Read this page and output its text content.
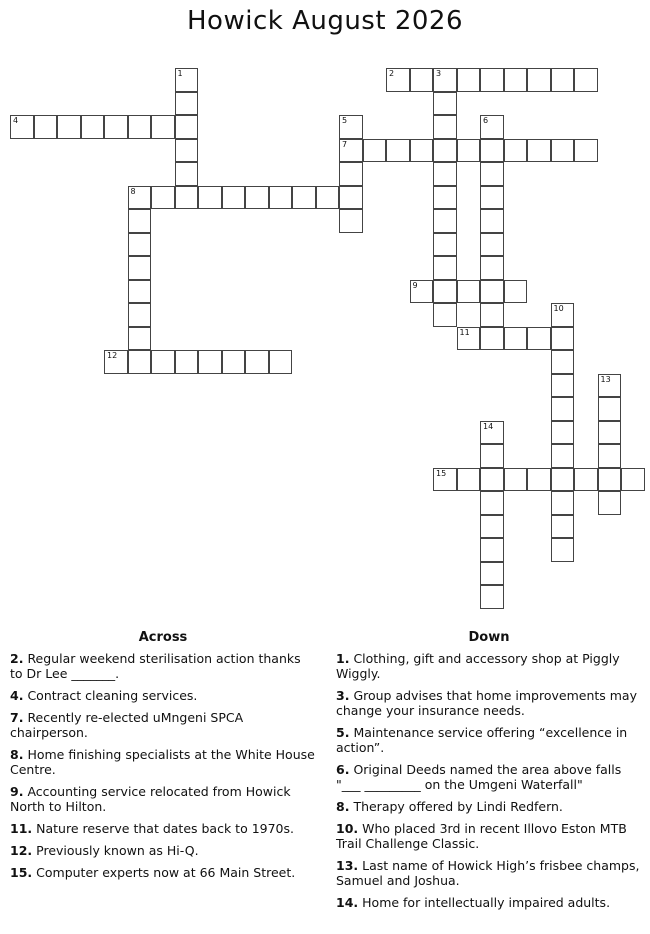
Howick August 2026
1	2	3
4	5
7
6
8
9
10
11
12
13
14
15
Across
2. Regular weekend sterilisation action thanks to Dr Lee _______.
4. Contract cleaning services.
7. Recently re-elected uMngeni SPCA chairperson.
8. Home finishing specialists at the White House Centre.
9. Accounting service relocated from Howick North to Hilton.
11. Nature reserve that dates back to 1970s.
12. Previously known as Hi-Q.
15. Computer experts now at 66 Main Street.
Down
1. Clothing, gift and accessory shop at Piggly Wiggly.
3. Group advises that home improvements may change your insurance needs.
5. Maintenance service offering “excellence in action”.
6. Original Deeds named the area above falls "___ _________ on the Umgeni Waterfall"
8. Therapy offered by Lindi Redfern.
10. Who placed 3rd in recent Illovo Eston MTB Trail Challenge Classic.
13. Last name of Howick High’s frisbee champs, Samuel and Joshua.
14. Home for intellectually impaired adults.
